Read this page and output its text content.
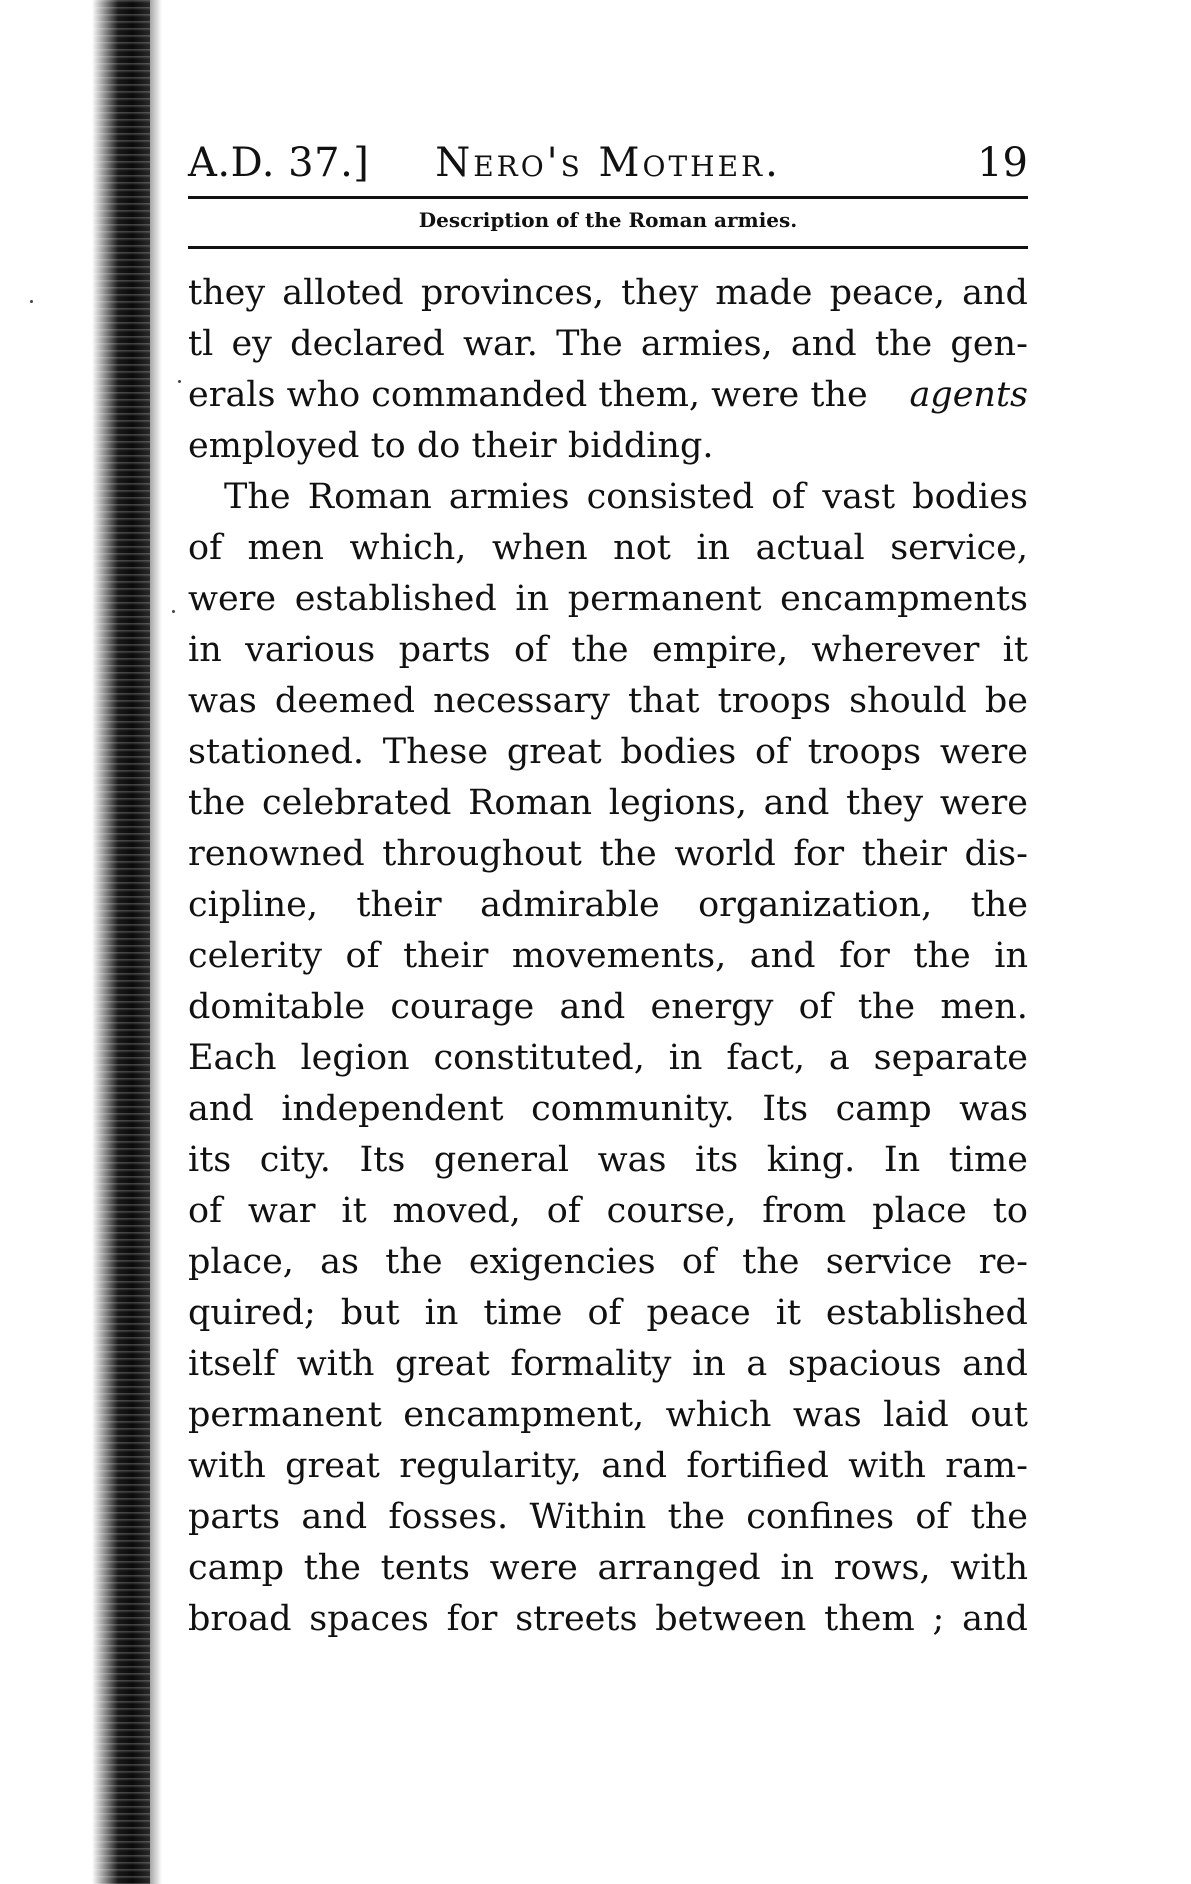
A.D. 37.]	Nero's Mother.	19
Description of the Roman armies.
they alloted provinces, they made peace, and
tl ey declared war. The armies, and the gen-
erals who commanded them, were the agents
employed to do their bidding.
The Roman armies consisted of vast bodies
of men which, when not in actual service,
were established in permanent encampments
in various parts of the empire, wherever it
was deemed necessary that troops should be
stationed. These great bodies of troops were
the celebrated Roman legions, and they were
renowned throughout the world for their dis-
cipline, their admirable organization, the
celerity of their movements, and for the in
domitable courage and energy of the men.
Each legion constituted, in fact, a separate
and independent community. Its camp was
its city. Its general was its king. In time
of war it moved, of course, from place to
place, as the exigencies of the service re-
quired; but in time of peace it established
itself with great formality in a spacious and
permanent encampment, which was laid out
with great regularity, and fortified with ram-
parts and fosses. Within the confines of the
camp the tents were arranged in rows, with
broad spaces for streets between them ; and
